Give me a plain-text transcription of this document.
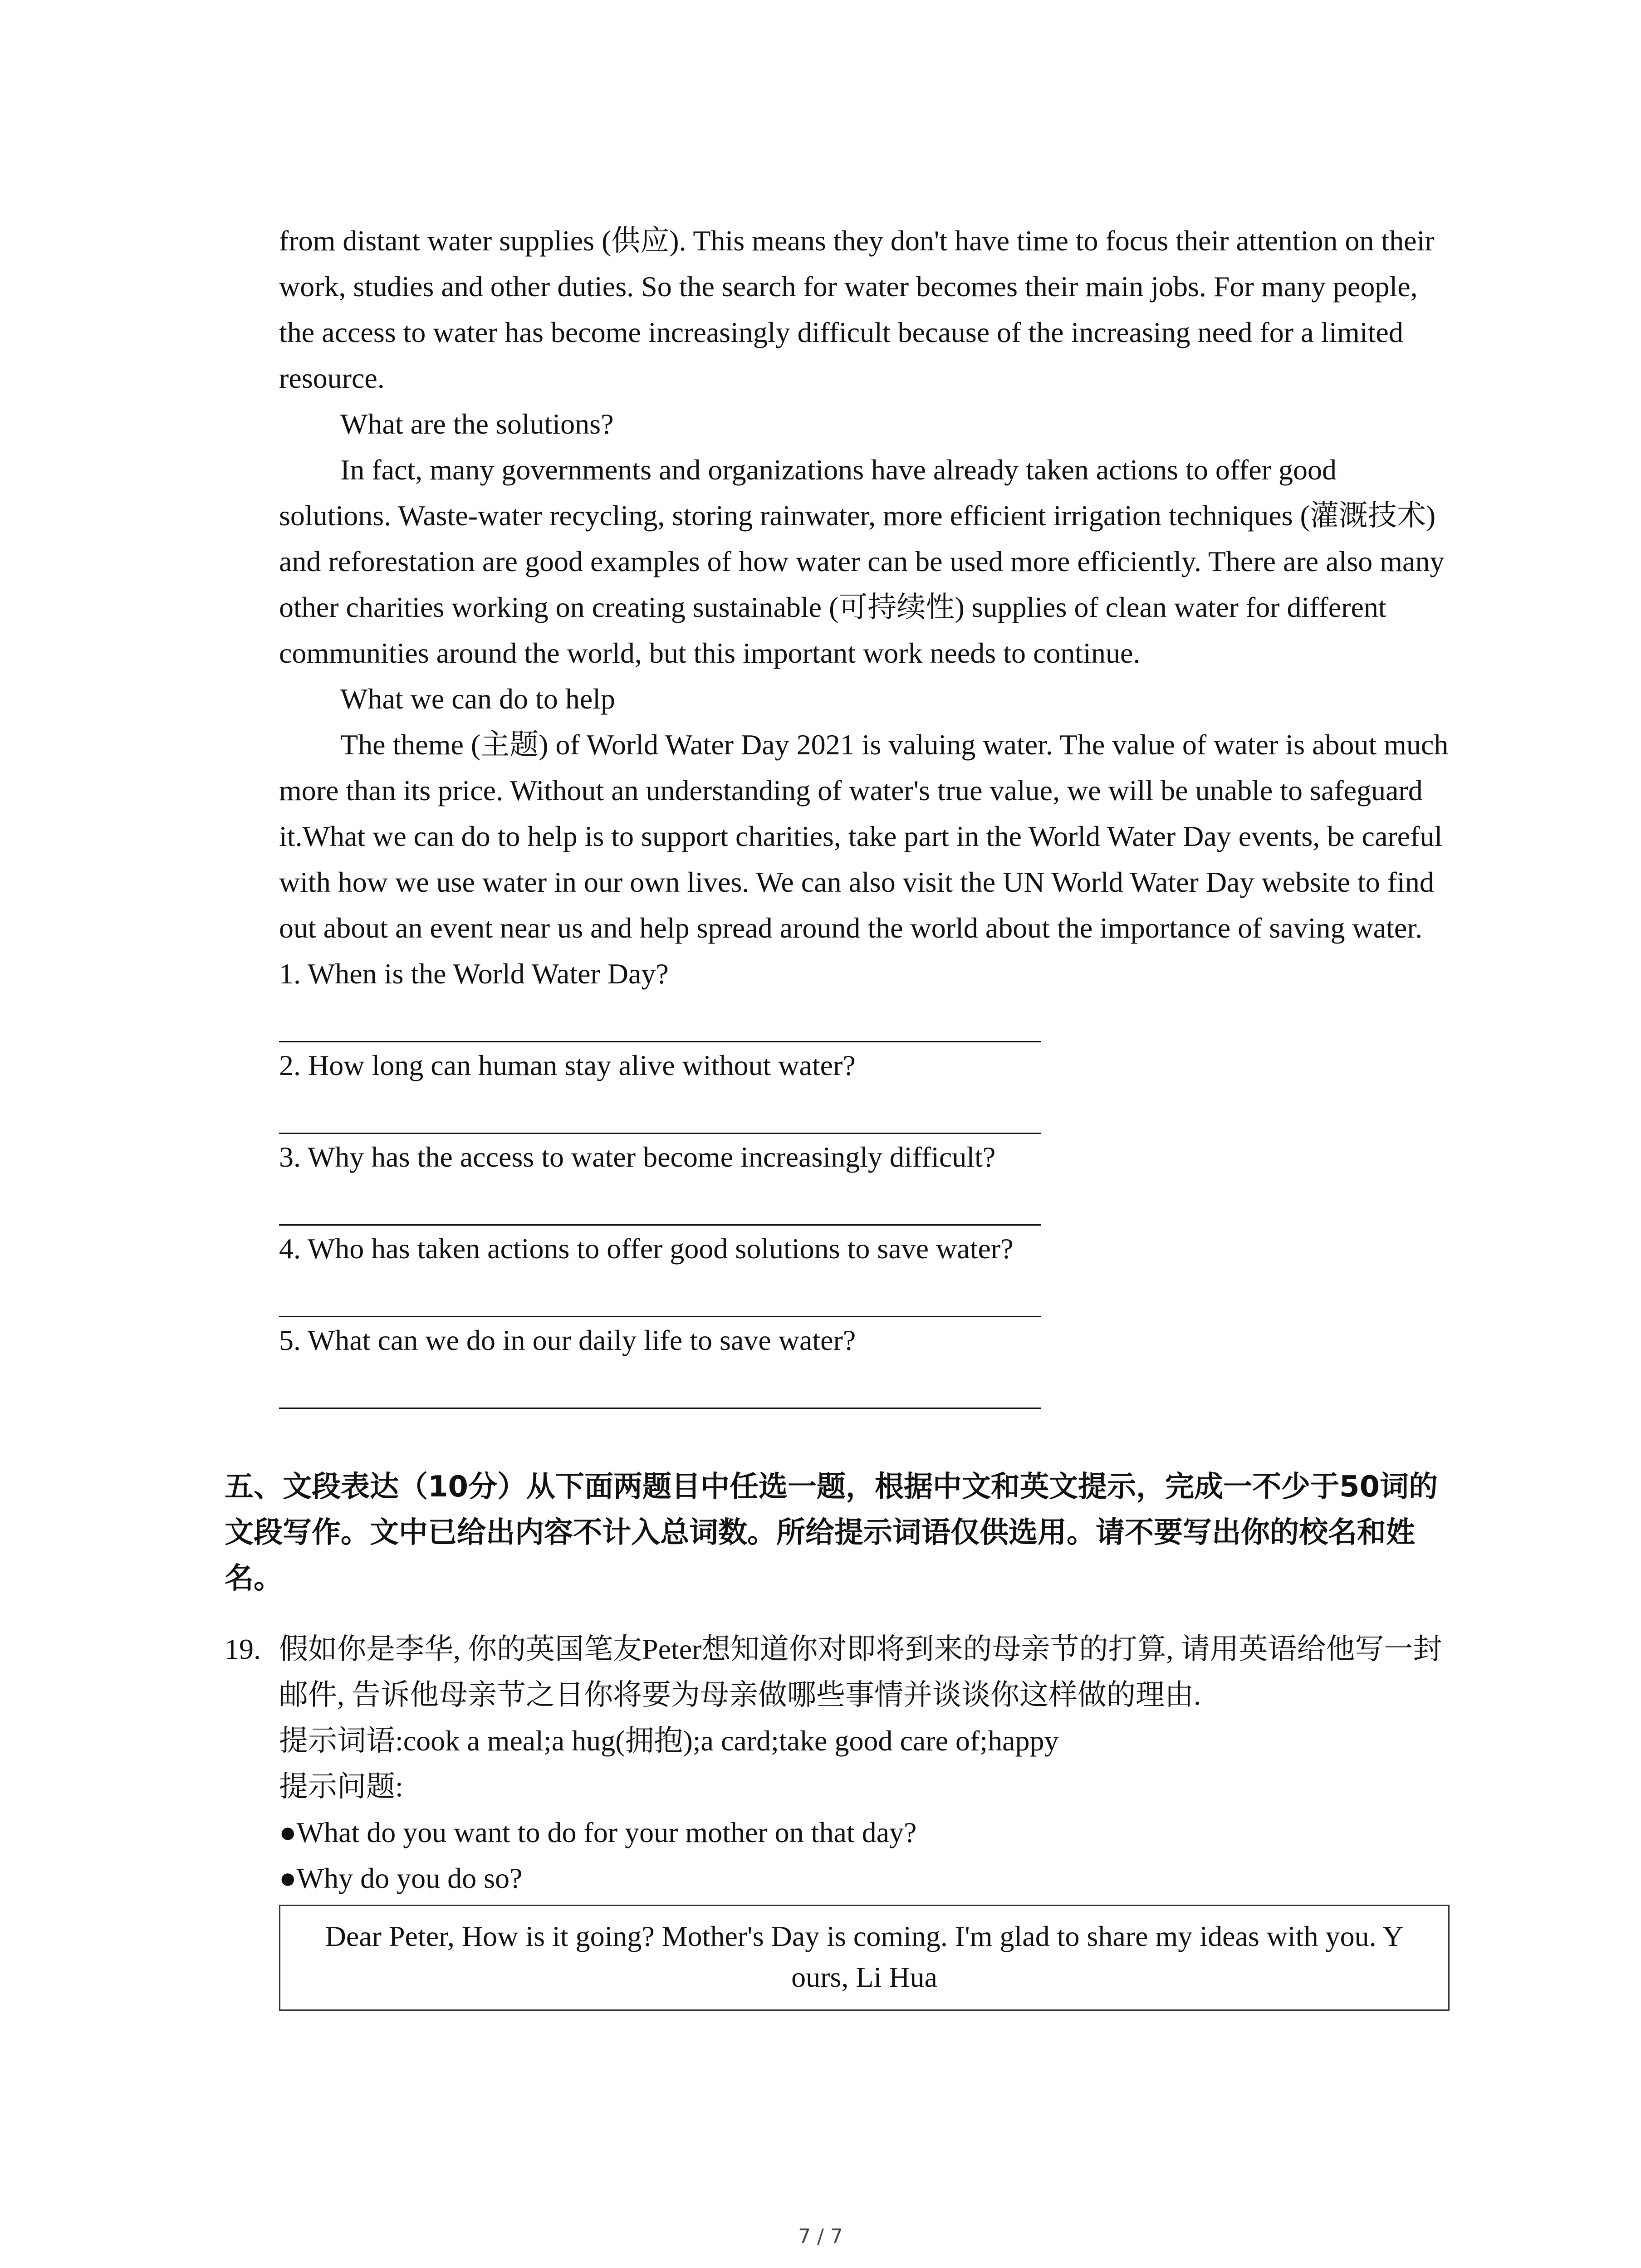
from distant water supplies (供应). This means they don't have time to focus their attention on their work, studies and other duties. So the search for water becomes their main jobs. For many people, the access to water has become increasingly difficult because of the increasing need for a limited resource.

What are the solutions?

In fact, many governments and organizations have already taken actions to offer good solutions. Waste-water recycling, storing rainwater, more efficient irrigation techniques (灌溉技术) and reforestation are good examples of how water can be used more efficiently. There are also many other charities working on creating sustainable (可持续性) supplies of clean water for different communities around the world, but this important work needs to continue.

What we can do to help

The theme (主题) of World Water Day 2021 is valuing water. The value of water is about much more than its price. Without an understanding of water's true value, we will be unable to safeguard it.What we can do to help is to support charities, take part in the World Water Day events, be careful with how we use water in our own lives. We can also visit the UN World Water Day website to find out about an event near us and help spread around the world about the importance of saving water.

1. When is the World Water Day?

2. How long can human stay alive without water?

3. Why has the access to water become increasingly difficult?

4. Who has taken actions to offer good solutions to save water?

5. What can we do in our daily life to save water?

五、文段表达（10分）从下面两题目中任选一题，根据中文和英文提示，完成一不少于50词的文段写作。文中已给出内容不计入总词数。所给提示词语仅供选用。请不要写出你的校名和姓名。

19. 假如你是李华, 你的英国笔友Peter想知道你对即将到来的母亲节的打算, 请用英语给他写一封邮件, 告诉他母亲节之日你将要为母亲做哪些事情并谈谈你这样做的理由.

提示词语:cook a meal;a hug(拥抱);a card;take good care of;happy

提示问题:

●What do you want to do for your mother on that day?

●Why do you do so?

Dear Peter, How is it going? Mother's Day is coming. I'm glad to share my ideas with you. Y
ours, Li Hua
7 / 7
